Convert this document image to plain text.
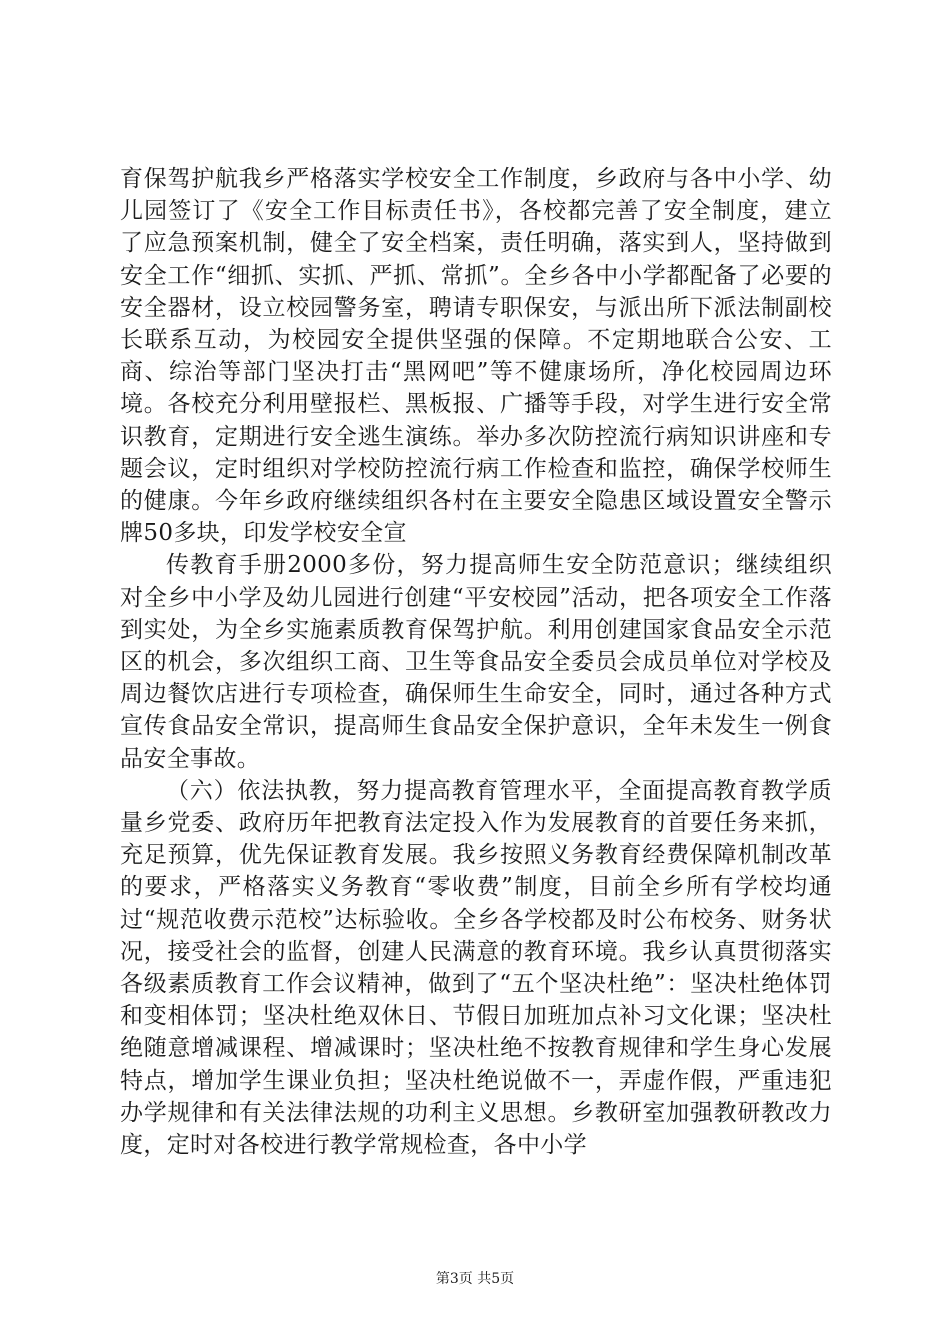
育保驾护航我乡严格落实学校安全工作制度，乡政府与各中小学、幼儿园签订了《安全工作目标责任书》，各校都完善了安全制度，建立了应急预案机制，健全了安全档案，责任明确，落实到人，坚持做到安全工作“细抓、实抓、严抓、常抓”。全乡各中小学都配备了必要的安全器材，设立校园警务室，聘请专职保安，与派出所下派法制副校长联系互动，为校园安全提供坚强的保障。不定期地联合公安、工商、综治等部门坚决打击“黑网吧”等不健康场所，净化校园周边环境。各校充分利用壁报栏、黑板报、广播等手段，对学生进行安全常识教育，定期进行安全逃生演练。举办多次防控流行病知识讲座和专题会议，定时组织对学校防控流行病工作检查和监控，确保学校师生的健康。今年乡政府继续组织各村在主要安全隐患区域设置安全警示牌50多块，印发学校安全宣

传教育手册2000多份，努力提高师生安全防范意识；继续组织对全乡中小学及幼儿园进行创建“平安校园”活动，把各项安全工作落到实处，为全乡实施素质教育保驾护航。利用创建国家食品安全示范区的机会，多次组织工商、卫生等食品安全委员会成员单位对学校及周边餐饮店进行专项检查，确保师生生命安全，同时，通过各种方式宣传食品安全常识，提高师生食品安全保护意识，全年未发生一例食品安全事故。

（六）依法执教，努力提高教育管理水平，全面提高教育教学质量乡党委、政府历年把教育法定投入作为发展教育的首要任务来抓，充足预算，优先保证教育发展。我乡按照义务教育经费保障机制改革的要求，严格落实义务教育“零收费”制度，目前全乡所有学校均通过“规范收费示范校”达标验收。全乡各学校都及时公布校务、财务状况，接受社会的监督，创建人民满意的教育环境。我乡认真贯彻落实各级素质教育工作会议精神，做到了“五个坚决杜绝”：坚决杜绝体罚和变相体罚；坚决杜绝双休日、节假日加班加点补习文化课；坚决杜绝随意增减课程、增减课时；坚决杜绝不按教育规律和学生身心发展特点，增加学生课业负担；坚决杜绝说做不一，弄虚作假，严重违犯办学规律和有关法律法规的功利主义思想。乡教研室加强教研教改力度，定时对各校进行教学常规检查，各中小学

第3页 共5页
